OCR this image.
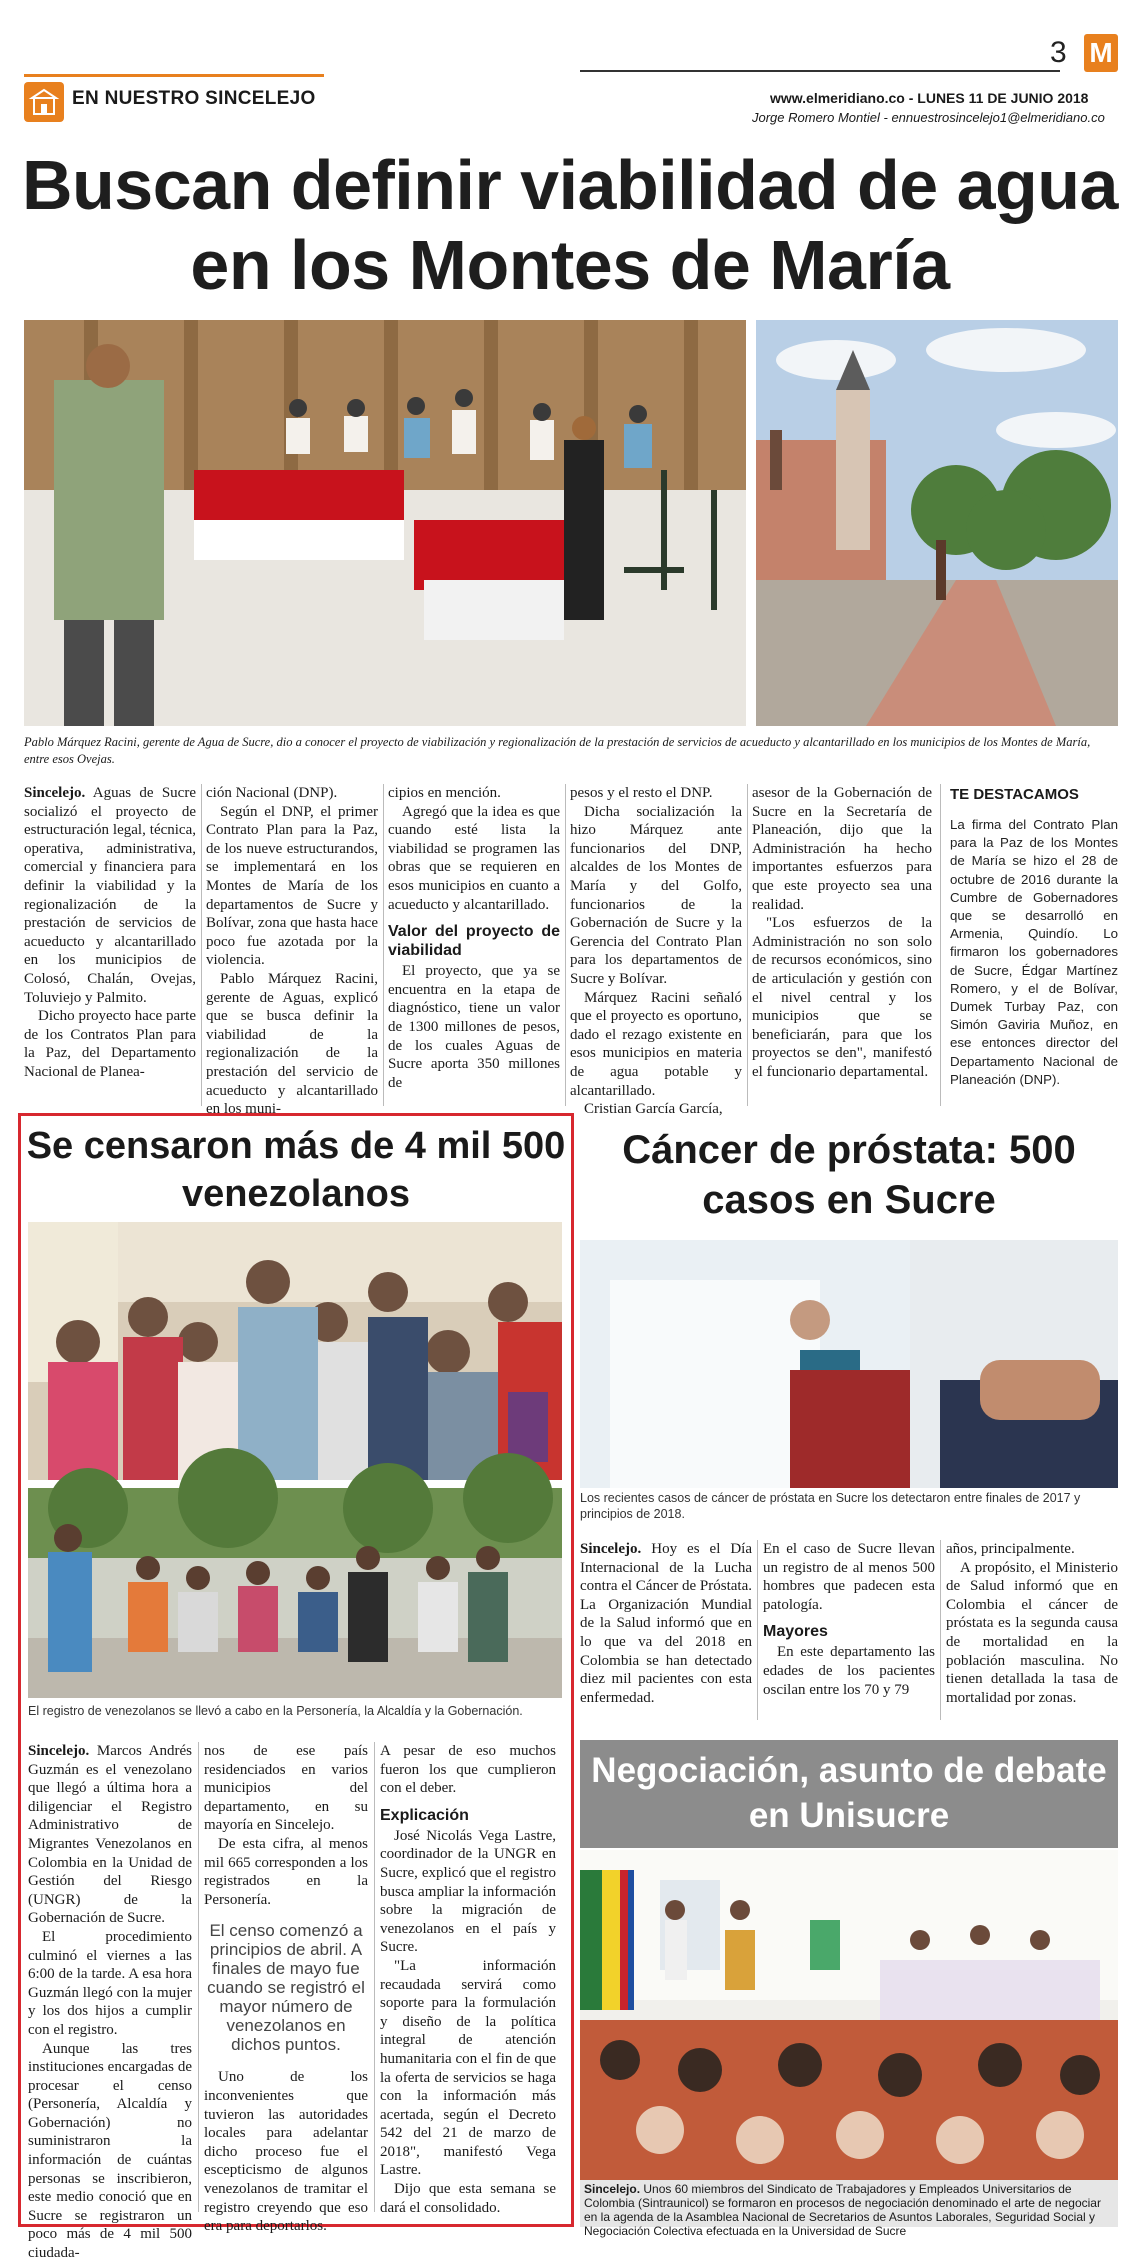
3 M
EN NUESTRO SINCELEJO	www.elmeridiano.co - LUNES 11 DE JUNIO 2018
Jorge Romero Montiel - ennuestrosincelejo1@elmeridiano.co
Buscan definir viabilidad de agua en los Montes de María
Pablo Márquez Racini, gerente de Agua de Sucre, dio a conocer el proyecto de viabilización y regionalización de la prestación de servicios de acueducto y alcantarillado en los municipios de los Montes de María, entre esos Ovejas.

Sincelejo. Aguas de Sucre socializó el proyecto de estructuración legal, técnica, operativa, administrativa, comercial y financiera para definir la viabilidad y la regionalización de la prestación de servicios de acueducto y alcantarillado en los municipios de Colosó, Chalán, Ovejas, Toluviejo y Palmito.

Dicho proyecto hace parte de los Contratos Plan para la Paz, del Departamento Nacional de Planea-

ción Nacional (DNP).

Según el DNP, el primer Contrato Plan para la Paz, de los nueve estructurandos, se implementará en los Montes de María de los departamentos de Sucre y Bolívar, zona que hasta hace poco fue azotada por la violencia.

Pablo Márquez Racini, gerente de Aguas, explicó que se busca definir la viabilidad de la regionalización de la prestación del servicio de acueducto y alcantarillado en los muni-

cipios en mención.

Agregó que la idea es que cuando esté lista la viabilidad se programen las obras que se requieren en esos municipios en cuanto a acueducto y alcantarillado.

Valor del proyecto de viabilidad

El proyecto, que ya se encuentra en la etapa de diagnóstico, tiene un valor de 1300 millones de pesos, de los cuales Aguas de Sucre aporta 350 millones de

pesos y el resto el DNP.

Dicha socialización la hizo Márquez ante funcionarios del DNP, alcaldes de los Montes de María y del Golfo, funcionarios de la Gobernación de Sucre y la Gerencia del Contrato Plan para los departamentos de Sucre y Bolívar.

Márquez Racini señaló que el proyecto es oportuno, dado el rezago existente en esos municipios en materia de agua potable y alcantarillado.

Cristian García García,

asesor de la Gobernación de Sucre en la Secretaría de Planeación, dijo que la Administración ha hecho importantes esfuerzos para que este proyecto sea una realidad.

"Los esfuerzos de la Administración no son solo de recursos económicos, sino de articulación y gestión con el nivel central y los municipios que se beneficiarán, para que los proyectos se den", manifestó el funcionario departamental.

TE DESTACAMOS
La firma del Contrato Plan para la Paz de los Montes de María se hizo el 28 de octubre de 2016 durante la Cumbre de Gobernadores que se desarrolló en Armenia, Quindío. Lo firmaron los gobernadores de Sucre, Édgar Martínez Romero, y el de Bolívar, Dumek Turbay Paz, con Simón Gaviria Muñoz, en ese entonces director del Departamento Nacional de Planeación (DNP).
Se censaron más de 4 mil 500 venezolanos
El registro de venezolanos se llevó a cabo en la Personería, la Alcaldía y la Gobernación.

Sincelejo. Marcos Andrés Guzmán es el venezolano que llegó a última hora a diligenciar el Registro Administrativo de Migrantes Venezolanos en Colombia en la Unidad de Gestión del Riesgo (UNGR) de la Gobernación de Sucre.

El procedimiento culminó el viernes a las 6:00 de la tarde. A esa hora Guzmán llegó con la mujer y los dos hijos a cumplir con el registro.

Aunque las tres instituciones encargadas de procesar el censo (Personería, Alcaldía y Gobernación) no suministraron la información de cuántas personas se inscribieron, este medio conoció que en Sucre se registraron un poco más de 4 mil 500 ciudada-

nos de ese país residenciados en varios municipios del departamento, en su mayoría en Sincelejo.

De esta cifra, al menos mil 665 corresponden a los registrados en la Personería.

El censo comenzó a principios de abril. A finales de mayo fue cuando se registró el mayor número de venezolanos en dichos puntos.

Uno de los inconvenientes que tuvieron las autoridades locales para adelantar dicho proceso fue el escepticismo de algunos venezolanos de tramitar el registro creyendo que eso era para deportarlos.

A pesar de eso muchos fueron los que cumplieron con el deber.

Explicación

José Nicolás Vega Lastre, coordinador de la UNGR en Sucre, explicó que el registro busca ampliar la información sobre la migración de venezolanos en el país y Sucre.

"La información recaudada servirá como soporte para la formulación y diseño de la política integral de atención humanitaria con el fin de que la oferta de servicios se haga con la información más acertada, según el Decreto 542 del 21 de marzo de 2018", manifestó Vega Lastre.

Dijo que esta semana se dará el consolidado.

Cáncer de próstata: 500 casos en Sucre
Los recientes casos de cáncer de próstata en Sucre los detectaron entre finales de 2017 y principios de 2018.

Sincelejo. Hoy es el Día Internacional de la Lucha contra el Cáncer de Próstata. La Organización Mundial de la Salud informó que en lo que va del 2018 en Colombia se han detectado diez mil pacientes con esta enfermedad.

En el caso de Sucre llevan un registro de al menos 500 hombres que padecen esta patología.

Mayores

En este departamento las edades de los pacientes oscilan entre los 70 y 79

años, principalmente.

A propósito, el Ministerio de Salud informó que en Colombia el cáncer de próstata es la segunda causa de mortalidad en la población masculina. No tienen detallada la tasa de mortalidad por zonas.

Negociación, asunto de debate en Unisucre
Sincelejo. Unos 60 miembros del Sindicato de Trabajadores y Empleados Universitarios de Colombia (Sintraunicol) se formaron en procesos de negociación denominado el arte de negociar en la agenda de la Asamblea Nacional de Secretarios de Asuntos Laborales, Seguridad Social y Negociación Colectiva efectuada en la Universidad de Sucre
